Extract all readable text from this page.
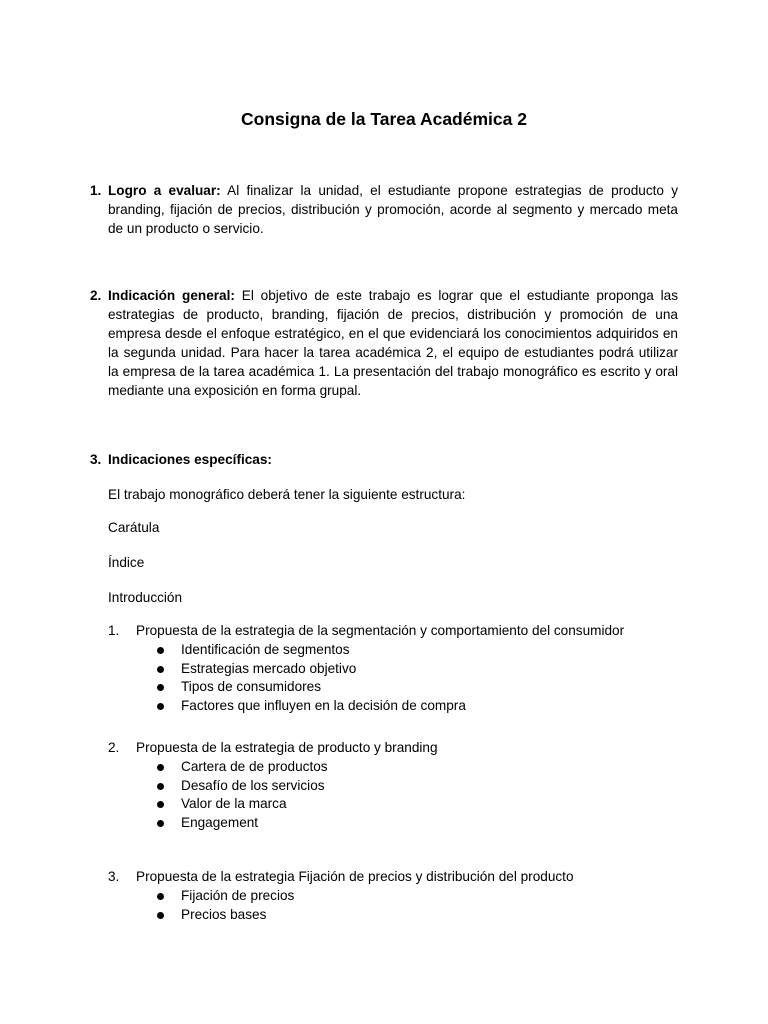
Consigna de la Tarea Académica 2
1. Logro a evaluar: Al finalizar la unidad, el estudiante propone estrategias de producto y
branding, fijación de precios, distribución y promoción, acorde al segmento y mercado meta
de un producto o servicio.
2. Indicación general: El objetivo de este trabajo es lograr que el estudiante proponga las
estrategias de producto, branding, fijación de precios, distribución y promoción de una
empresa desde el enfoque estratégico, en el que evidenciará los conocimientos adquiridos en
la segunda unidad. Para hacer la tarea académica 2, el equipo de estudiantes podrá utilizar
la empresa de la tarea académica 1. La presentación del trabajo monográfico es escrito y oral
mediante una exposición en forma grupal.
3. Indicaciones específicas:
El trabajo monográfico deberá tener la siguiente estructura:
Carátula
Índice
Introducción
1. Propuesta de la estrategia de la segmentación y comportamiento del consumidor
Identificación de segmentos
Estrategias mercado objetivo
Tipos de consumidores
Factores que influyen en la decisión de compra
2. Propuesta de la estrategia de producto y branding
Cartera de de productos
Desafío de los servicios
Valor de la marca
Engagement
3. Propuesta de la estrategia Fijación de precios y distribución del producto
Fijación de precios
Precios bases
